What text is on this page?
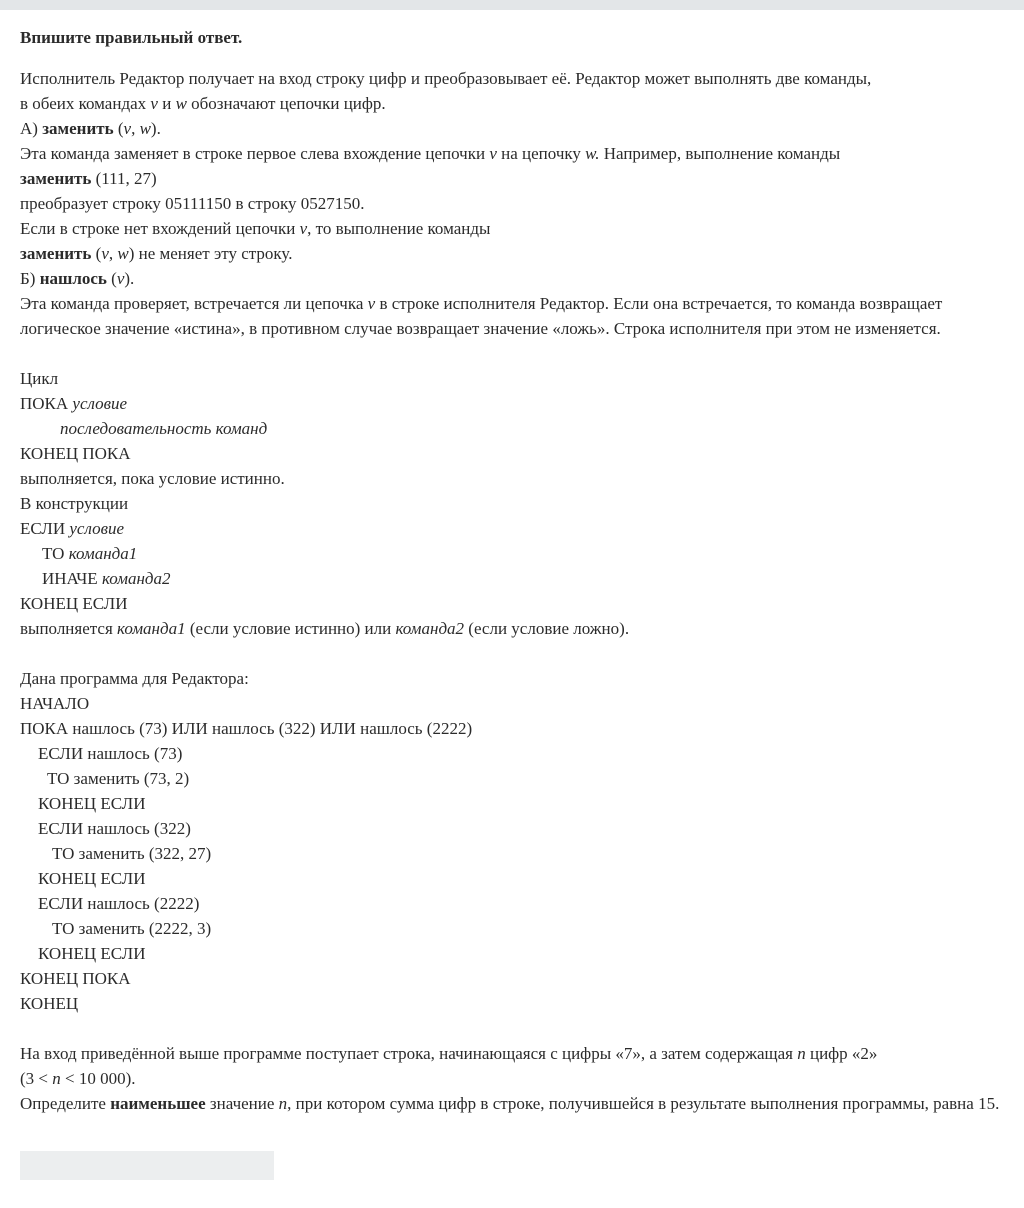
Впишите правильный ответ.
Исполнитель Редактор получает на вход строку цифр и преобразовывает её. Редактор может выполнять две команды,
в обеих командах v и w обозначают цепочки цифр.
А) заменить (v, w).
Эта команда заменяет в строке первое слева вхождение цепочки v на цепочку w. Например, выполнение команды
заменить (111, 27)
преобразует строку 05111150 в строку 0527150.
Если в строке нет вхождений цепочки v, то выполнение команды
заменить (v, w) не меняет эту строку.
Б) нашлось (v).
Эта команда проверяет, встречается ли цепочка v в строке исполнителя Редактор. Если она встречается, то команда возвращает
логическое значение «истина», в противном случае возвращает значение «ложь». Строка исполнителя при этом не изменяется.
Цикл
ПОКА условие
последовательность команд
КОНЕЦ ПОКА
выполняется, пока условие истинно.
В конструкции
ЕСЛИ условие
ТО команда1
ИНАЧЕ команда2
КОНЕЦ ЕСЛИ
выполняется команда1 (если условие истинно) или команда2 (если условие ложно).
Дана программа для Редактора:
НАЧАЛО
ПОКА нашлось (73) ИЛИ нашлось (322) ИЛИ нашлось (2222)
ЕСЛИ нашлось (73)
ТО заменить (73, 2)
КОНЕЦ ЕСЛИ
ЕСЛИ нашлось (322)
ТО заменить (322, 27)
КОНЕЦ ЕСЛИ
ЕСЛИ нашлось (2222)
ТО заменить (2222, 3)
КОНЕЦ ЕСЛИ
КОНЕЦ ПОКА
КОНЕЦ
На вход приведённой выше программе поступает строка, начинающаяся с цифры «7», а затем содержащая n цифр «2»
(3 < n < 10 000).
Определите наименьшее значение n, при котором сумма цифр в строке, получившейся в результате выполнения программы, равна 15.
